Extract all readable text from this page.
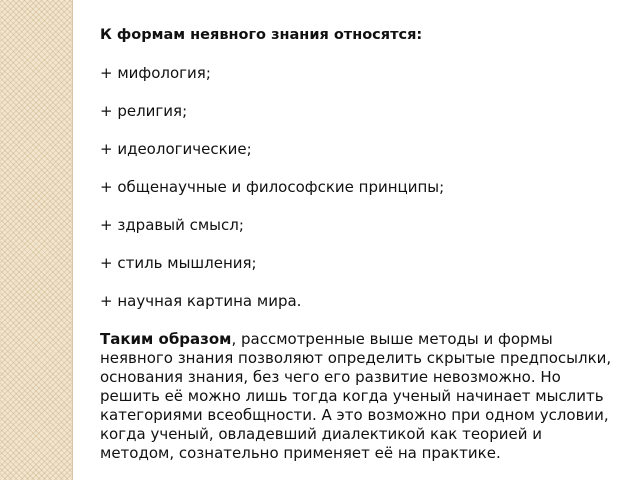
К формам неявного знания относятся:

+ мифология;
+ религия;
+ идеологические;
+ общенаучные и философские принципы;
+ здравый смысл;
+ стиль мышления;
+ научная картина мира.

Таким образом, рассмотренные выше методы и формы неявного знания позволяют определить скрытые предпосылки, основания знания, без чего его развитие невозможно. Но решить её можно лишь тогда когда ученый начинает мыслить категориями всеобщности. А это возможно при одном условии, когда ученый, овладевший диалектикой как теорией и методом, сознательно применяет её на практике.
